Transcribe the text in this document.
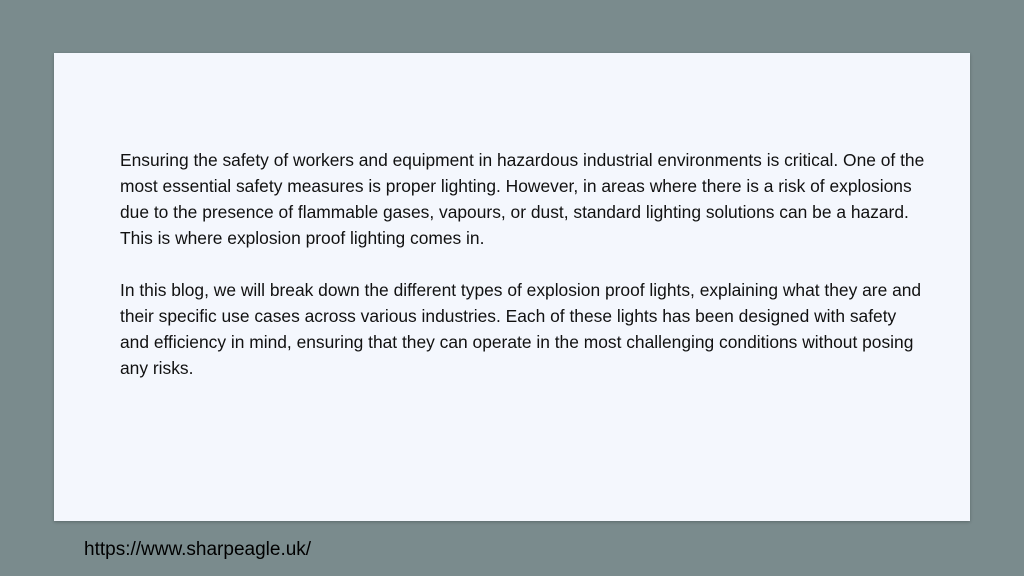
Ensuring the safety of workers and equipment in hazardous industrial environments is critical. One of the most essential safety measures is proper lighting. However, in areas where there is a risk of explosions due to the presence of flammable gases, vapours, or dust, standard lighting solutions can be a hazard. This is where explosion proof lighting comes in.

In this blog, we will break down the different types of explosion proof lights, explaining what they are and their specific use cases across various industries. Each of these lights has been designed with safety and efficiency in mind, ensuring that they can operate in the most challenging conditions without posing any risks.

https://www.sharpeagle.uk/
